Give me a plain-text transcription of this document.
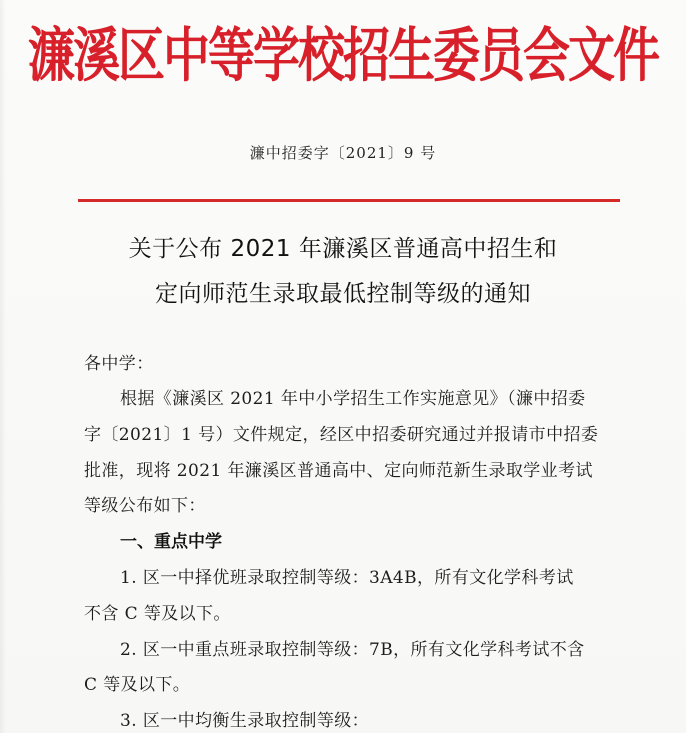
濂溪区中等学校招生委员会文件
濂中招委字〔2021〕9 号
关于公布 2021 年濂溪区普通高中招生和
定向师范生录取最低控制等级的通知
各中学：
根据《濂溪区 2021 年中小学招生工作实施意见》（濂中招委
字〔2021〕1 号）文件规定，经区中招委研究通过并报请市中招委
批准，现将 2021 年濂溪区普通高中、定向师范新生录取学业考试
等级公布如下：
一、重点中学
1. 区一中择优班录取控制等级：3A4B，所有文化学科考试
不含 C 等及以下。
2. 区一中重点班录取控制等级：7B，所有文化学科考试不含
C 等及以下。
3. 区一中均衡生录取控制等级：
